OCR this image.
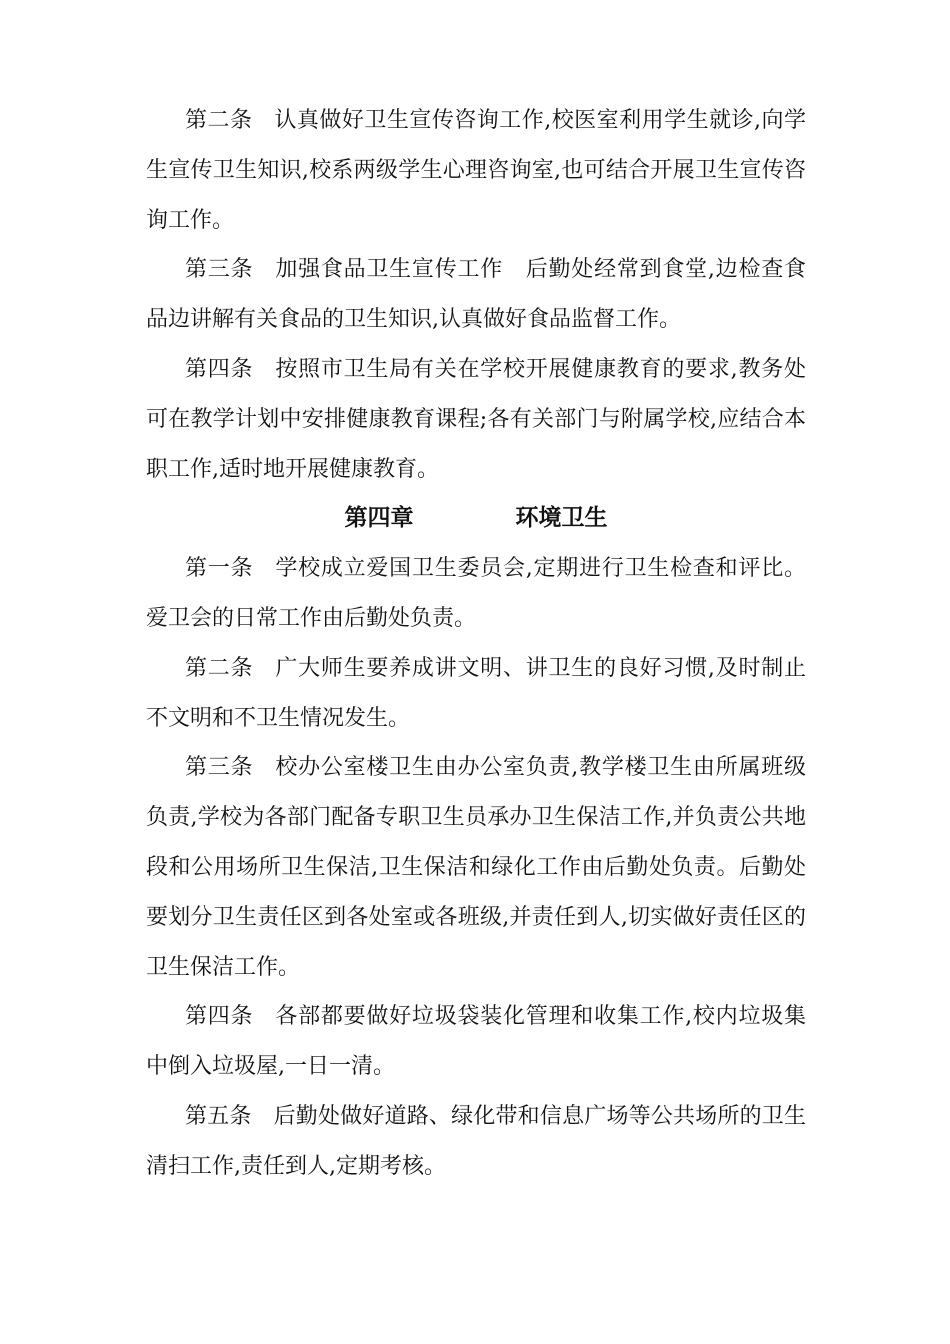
第二条 认真做好卫生宣传咨询工作,校医室利用学生就诊,向学生宣传卫生知识,校系两级学生心理咨询室,也可结合开展卫生宣传咨询工作。

第三条 加强食品卫生宣传工作　后勤处经常到食堂,边检查食品边讲解有关食品的卫生知识,认真做好食品监督工作。

第四条 按照市卫生局有关在学校开展健康教育的要求,教务处可在教学计划中安排健康教育课程;各有关部门与附属学校,应结合本职工作,适时地开展健康教育。

第四章	环境卫生

第一条 学校成立爱国卫生委员会,定期进行卫生检查和评比。爱卫会的日常工作由后勤处负责。

第二条 广大师生要养成讲文明、讲卫生的良好习惯,及时制止不文明和不卫生情况发生。

第三条 校办公室楼卫生由办公室负责,教学楼卫生由所属班级负责,学校为各部门配备专职卫生员承办卫生保洁工作,并负责公共地段和公用场所卫生保洁,卫生保洁和绿化工作由后勤处负责。后勤处要划分卫生责任区到各处室或各班级,并责任到人,切实做好责任区的卫生保洁工作。

第四条 各部都要做好垃圾袋装化管理和收集工作,校内垃圾集中倒入垃圾屋,一日一清。

第五条 后勤处做好道路、绿化带和信息广场等公共场所的卫生清扫工作,责任到人,定期考核。
